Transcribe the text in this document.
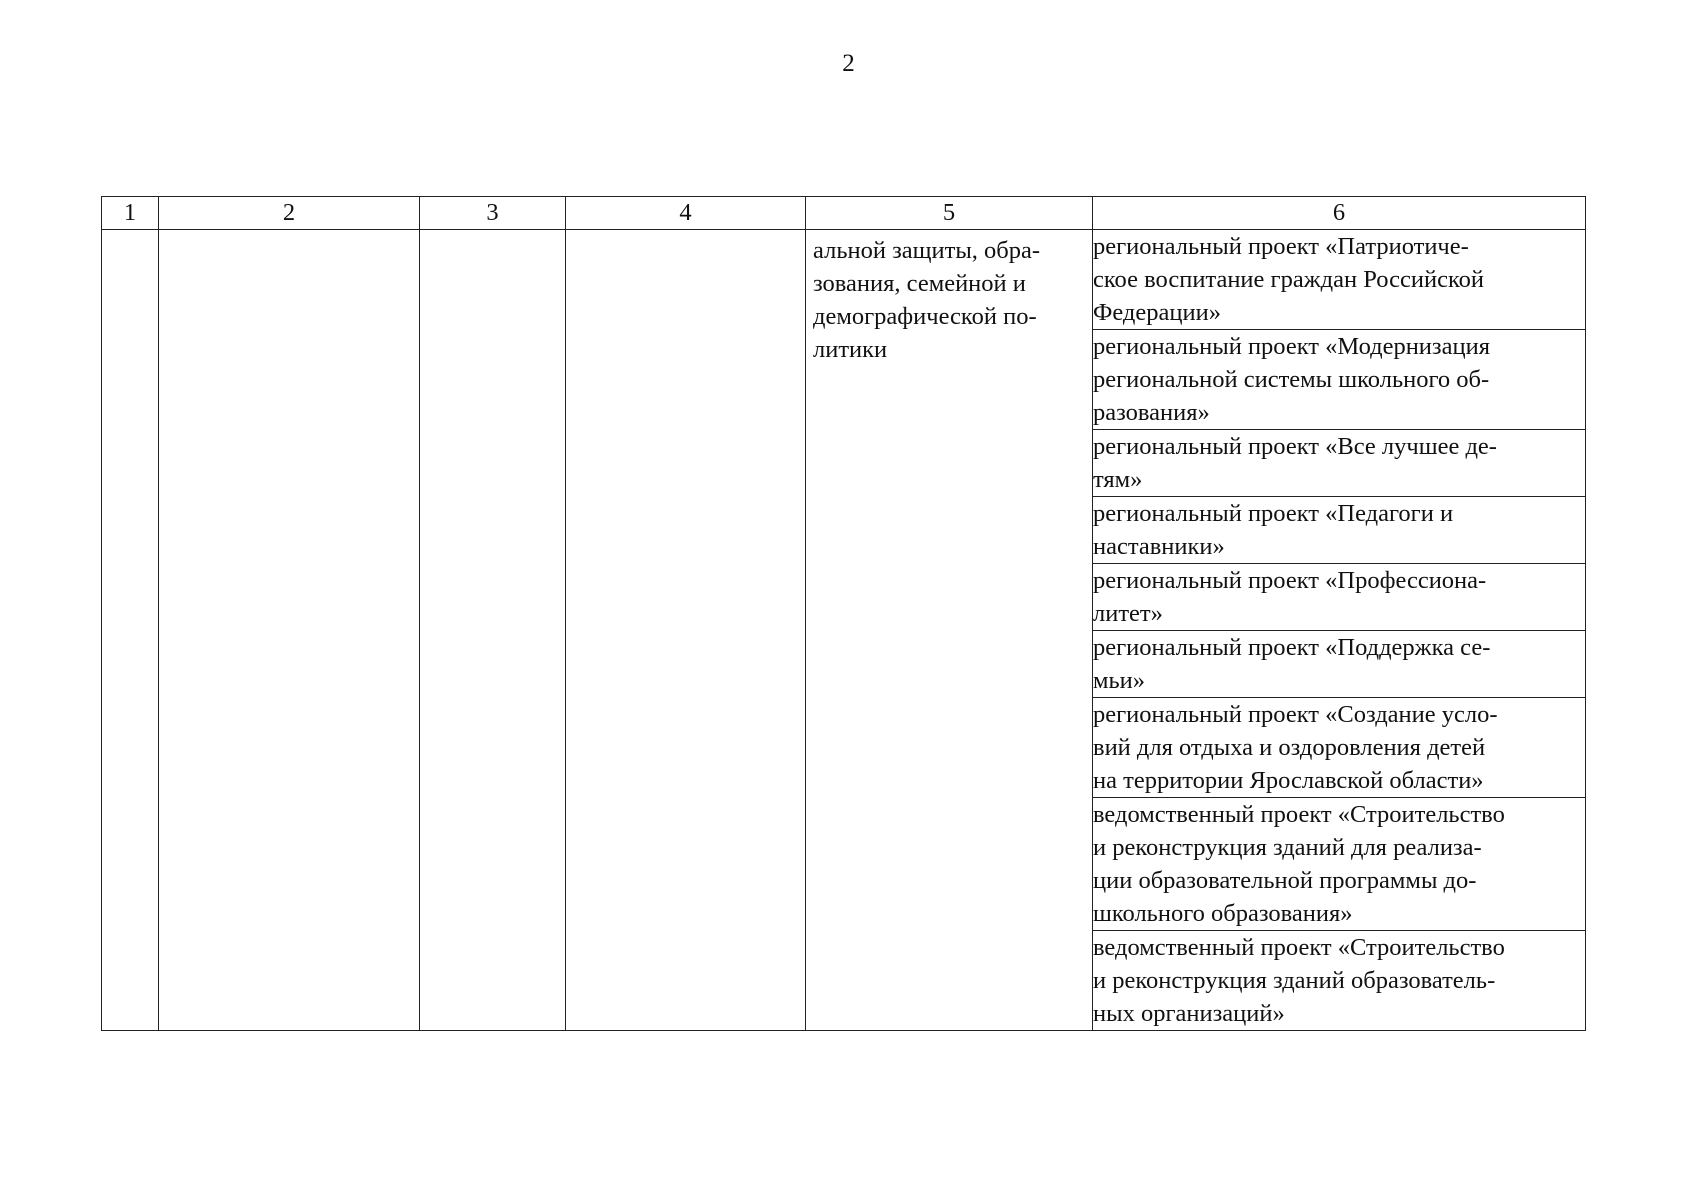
2
1	2	3	4	5	6

				альной защиты, обра-
зования, семейной и
демографической по-
литики	региональный проект «Патриотиче-
ское воспитание граждан Российской
Федерации»
					региональный проект «Модернизация
региональной системы школьного об-
разования»
					региональный проект «Все лучшее де-
тям»
					региональный проект «Педагоги и
наставники»
					региональный проект «Профессиона-
литет»
					региональный проект «Поддержка се-
мьи»
					региональный проект «Создание усло-
вий для отдыха и оздоровления детей
на территории Ярославской области»
					ведомственный проект «Строительство
и реконструкция зданий для реализа-
ции образовательной программы до-
школьного образования»
					ведомственный проект «Строительство
и реконструкция зданий образователь-
ных организаций»
